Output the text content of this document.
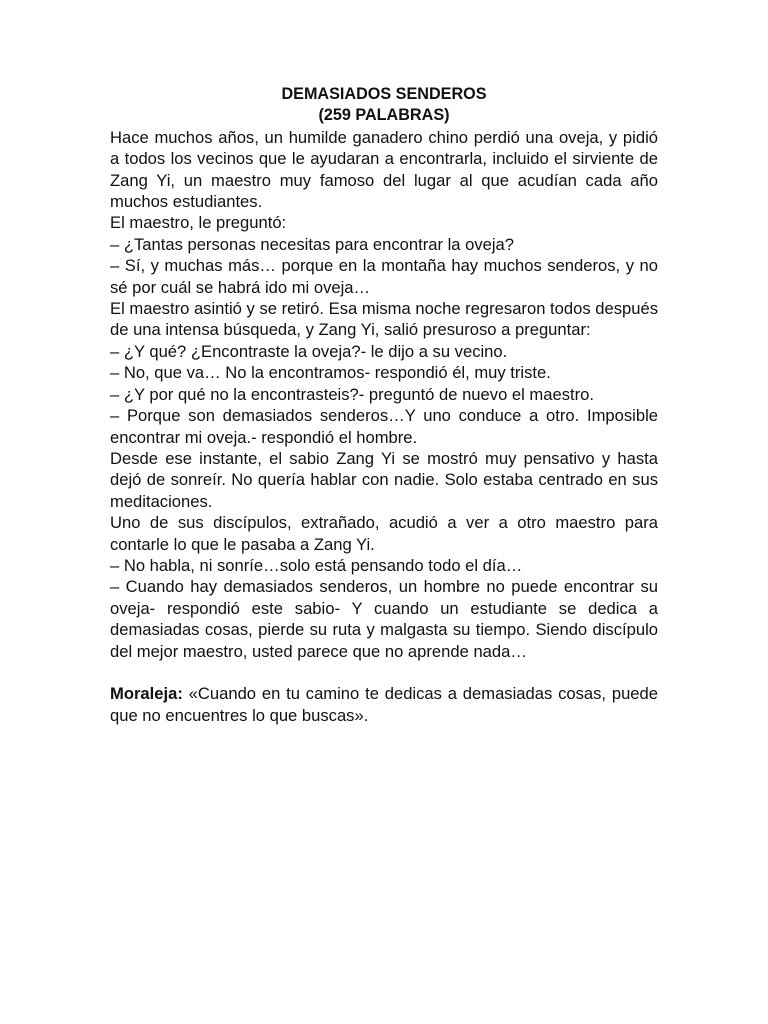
DEMASIADOS SENDEROS
(259 PALABRAS)

Hace muchos años, un humilde ganadero chino perdió una oveja, y pidió a todos los vecinos que le ayudaran a encontrarla, incluido el sirviente de Zang Yi, un maestro muy famoso del lugar al que acudían cada año muchos estudiantes.

El maestro, le preguntó:

– ¿Tantas personas necesitas para encontrar la oveja?

– Sí, y muchas más… porque en la montaña hay muchos senderos, y no sé por cuál se habrá ido mi oveja…

El maestro asintió y se retiró. Esa misma noche regresaron todos después de una intensa búsqueda, y Zang Yi, salió presuroso a preguntar:

– ¿Y qué? ¿Encontraste la oveja?- le dijo a su vecino.

– No, que va… No la encontramos- respondió él, muy triste.

– ¿Y por qué no la encontrasteis?- preguntó de nuevo el maestro.

– Porque son demasiados senderos…Y uno conduce a otro. Imposible encontrar mi oveja.- respondió el hombre.

Desde ese instante, el sabio Zang Yi se mostró muy pensativo y hasta dejó de sonreír. No quería hablar con nadie. Solo estaba centrado en sus meditaciones.

Uno de sus discípulos, extrañado, acudió a ver a otro maestro para contarle lo que le pasaba a Zang Yi.

– No habla, ni sonríe…solo está pensando todo el día…

– Cuando hay demasiados senderos, un hombre no puede encontrar su oveja- respondió este sabio- Y cuando un estudiante se dedica a demasiadas cosas, pierde su ruta y malgasta su tiempo. Siendo discípulo del mejor maestro, usted parece que no aprende nada…

Moraleja: «Cuando en tu camino te dedicas a demasiadas cosas, puede que no encuentres lo que buscas».
